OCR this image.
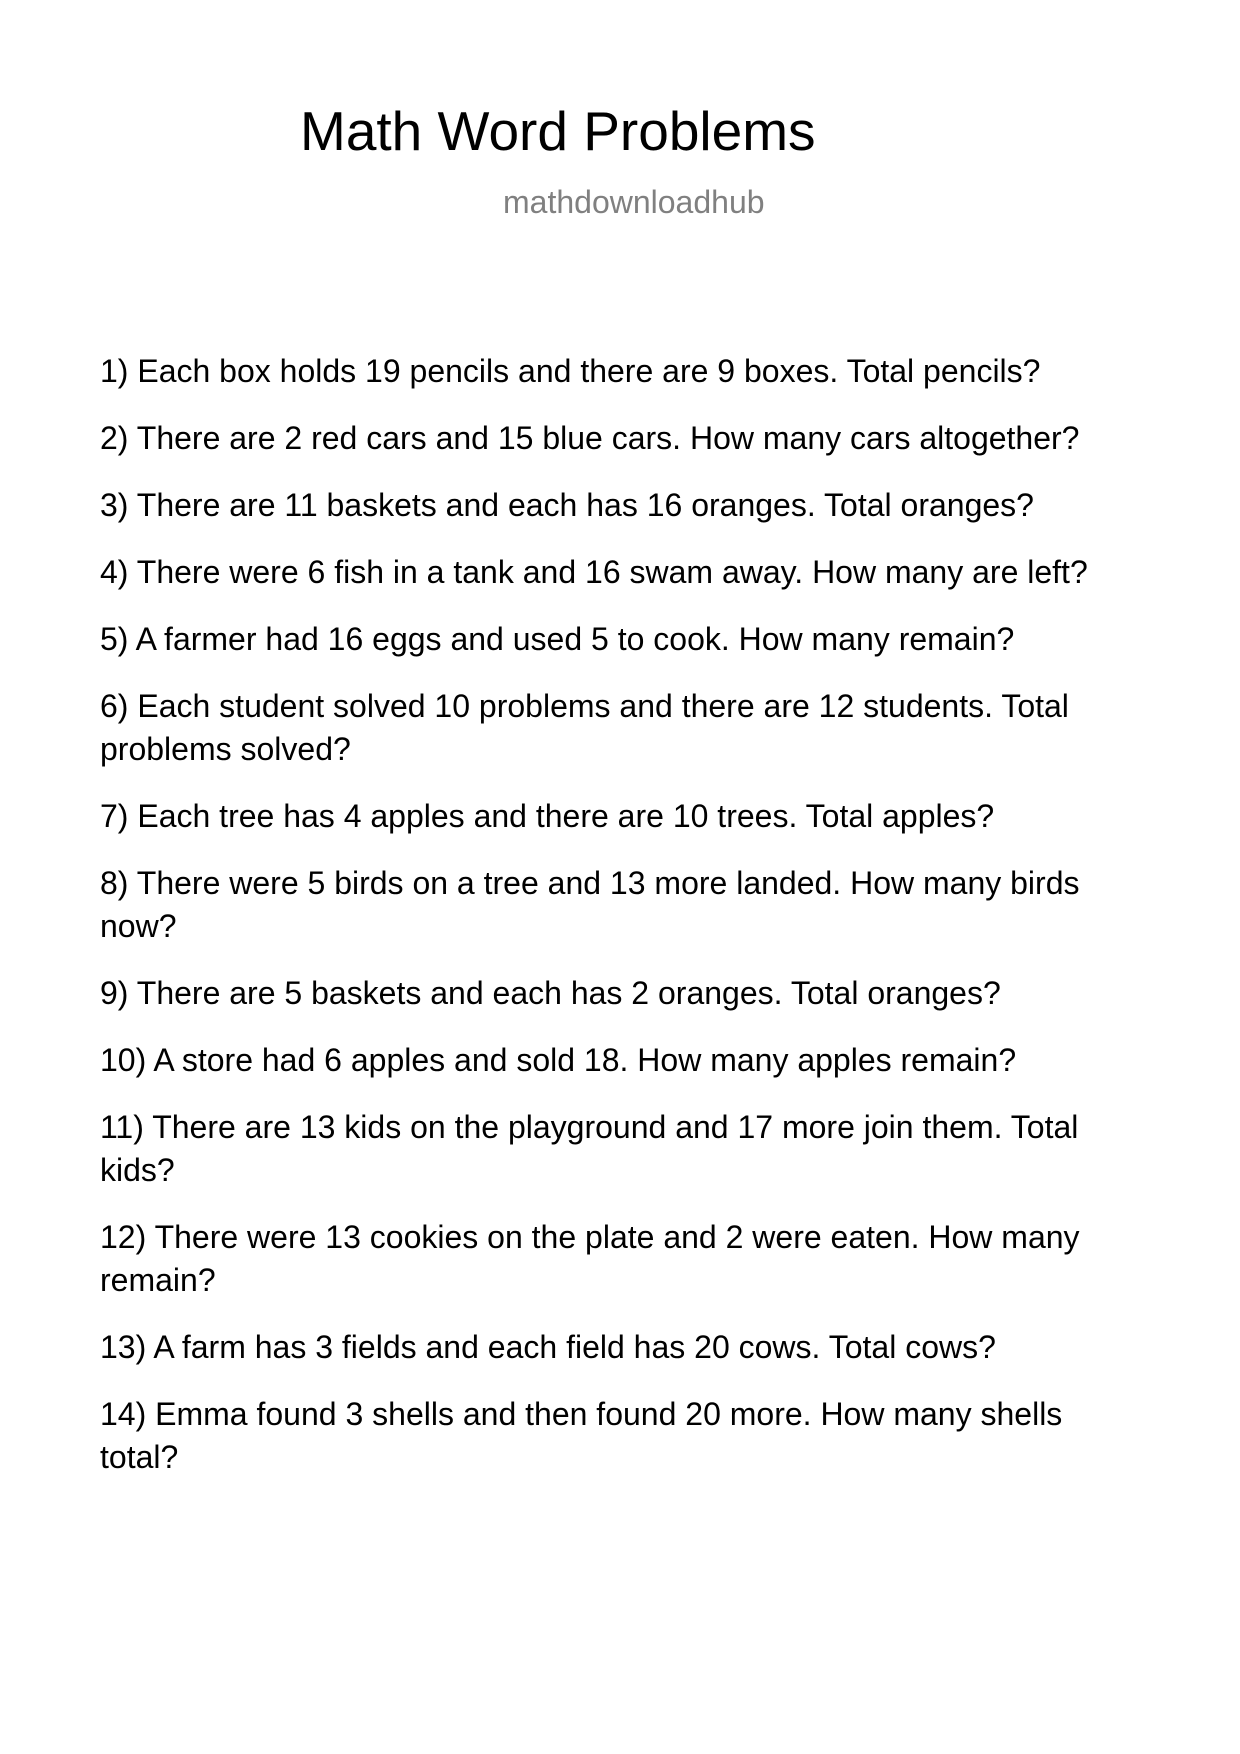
Math Word Problems
mathdownloadhub
1) Each box holds 19 pencils and there are 9 boxes. Total pencils?
2) There are 2 red cars and 15 blue cars. How many cars altogether?
3) There are 11 baskets and each has 16 oranges. Total oranges?
4) There were 6 fish in a tank and 16 swam away. How many are left?
5) A farmer had 16 eggs and used 5 to cook. How many remain?
6) Each student solved 10 problems and there are 12 students. Total problems solved?
7) Each tree has 4 apples and there are 10 trees. Total apples?
8) There were 5 birds on a tree and 13 more landed. How many birds now?
9) There are 5 baskets and each has 2 oranges. Total oranges?
10) A store had 6 apples and sold 18. How many apples remain?
11) There are 13 kids on the playground and 17 more join them. Total kids?
12) There were 13 cookies on the plate and 2 were eaten. How many remain?
13) A farm has 3 fields and each field has 20 cows. Total cows?
14) Emma found 3 shells and then found 20 more. How many shells total?
